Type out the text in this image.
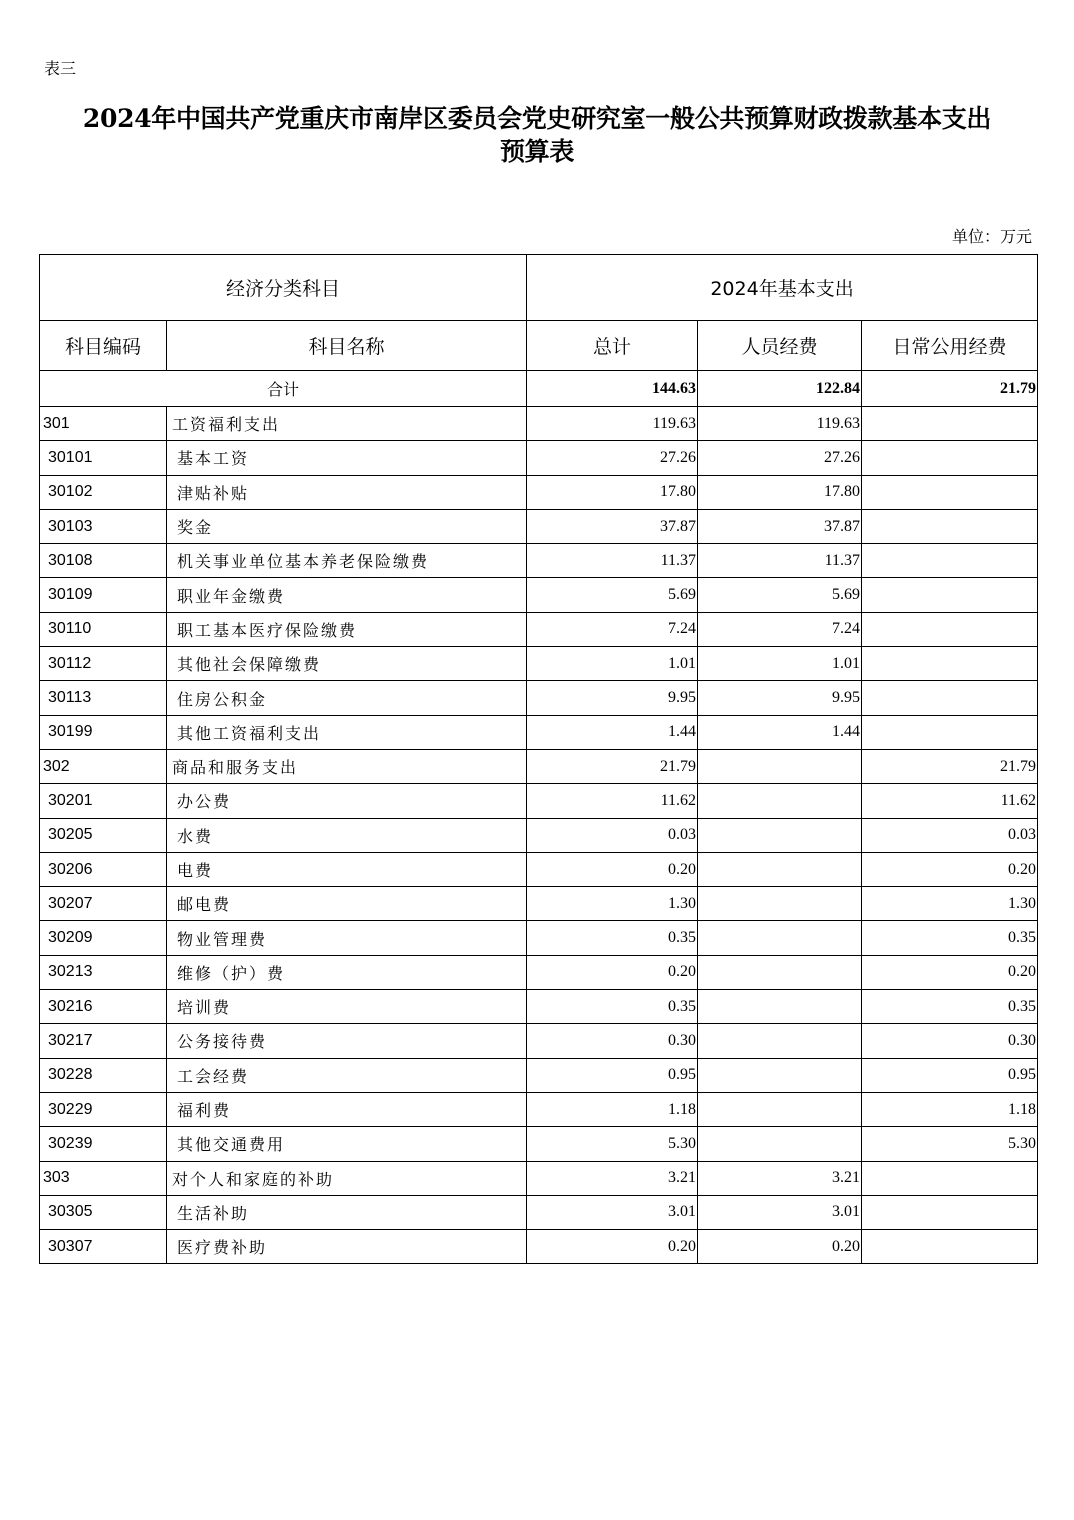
表三
2024年中国共产党重庆市南岸区委员会党史研究室一般公共预算财政拨款基本支出
预算表
单位：万元
经济分类科目		2024年基本支出		
科目编码	科目名称	总计	人员经费	日常公用经费
合计		144.63	122.84	21.79
301	工资福利支出	119.63	119.63	
30101	基本工资	27.26	27.26	
30102	津贴补贴	17.80	17.80	
30103	奖金	37.87	37.87	
30108	机关事业单位基本养老保险缴费	11.37	11.37	
30109	职业年金缴费	5.69	5.69	
30110	职工基本医疗保险缴费	7.24	7.24	
30112	其他社会保障缴费	1.01	1.01	
30113	住房公积金	9.95	9.95	
30199	其他工资福利支出	1.44	1.44	
302	商品和服务支出	21.79		21.79
30201	办公费	11.62		11.62
30205	水费	0.03		0.03
30206	电费	0.20		0.20
30207	邮电费	1.30		1.30
30209	物业管理费	0.35		0.35
30213	维修（护）费	0.20		0.20
30216	培训费	0.35		0.35
30217	公务接待费	0.30		0.30
30228	工会经费	0.95		0.95
30229	福利费	1.18		1.18
30239	其他交通费用	5.30		5.30
303	对个人和家庭的补助	3.21	3.21	
30305	生活补助	3.01	3.01	
30307	医疗费补助	0.20	0.20	
